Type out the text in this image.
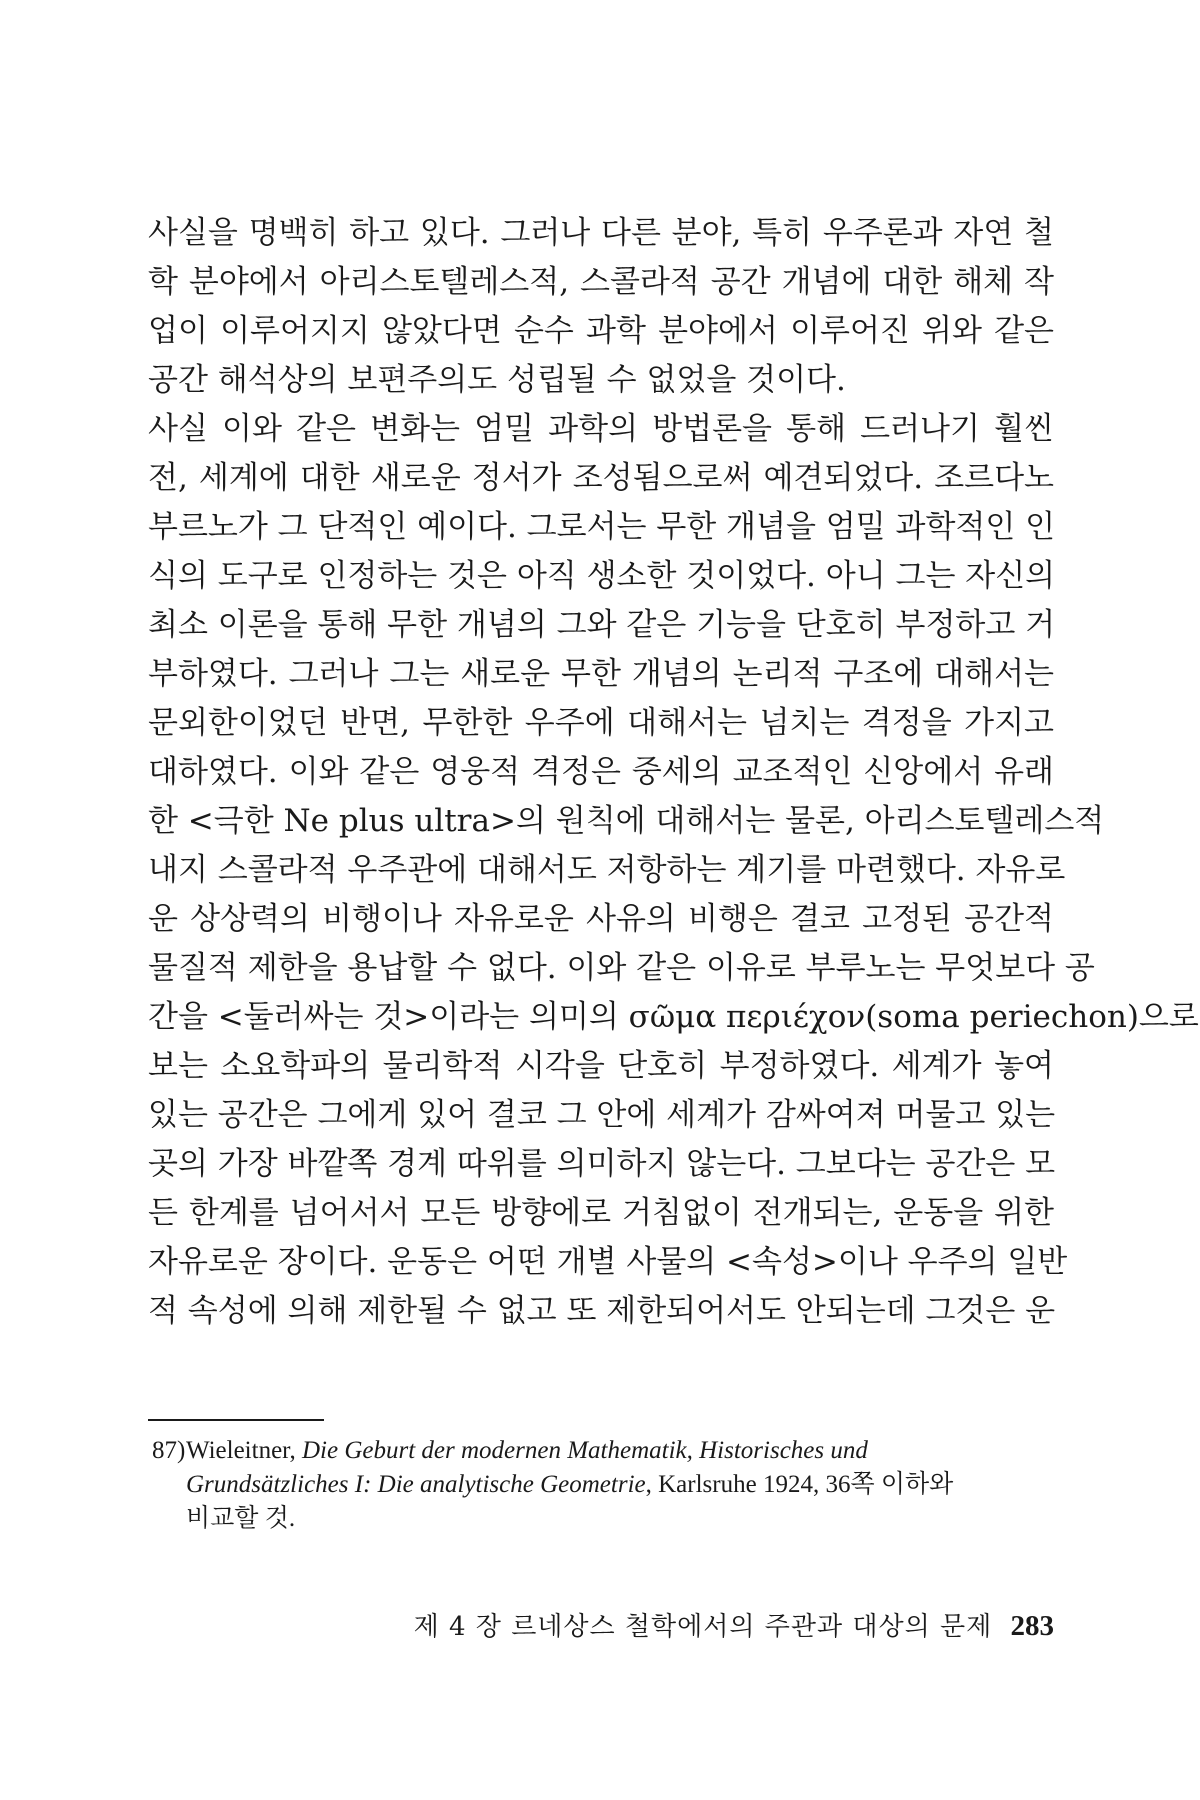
사실을 명백히 하고 있다. 그러나 다른 분야, 특히 우주론과 자연 철
학 분야에서 아리스토텔레스적, 스콜라적 공간 개념에 대한 해체 작
업이 이루어지지 않았다면 순수 과학 분야에서 이루어진 위와 같은
공간 해석상의 보편주의도 성립될 수 없었을 것이다.
사실 이와 같은 변화는 엄밀 과학의 방법론을 통해 드러나기 훨씬
전, 세계에 대한 새로운 정서가 조성됨으로써 예견되었다. 조르다노
부르노가 그 단적인 예이다. 그로서는 무한 개념을 엄밀 과학적인 인
식의 도구로 인정하는 것은 아직 생소한 것이었다. 아니 그는 자신의
최소 이론을 통해 무한 개념의 그와 같은 기능을 단호히 부정하고 거
부하였다. 그러나 그는 새로운 무한 개념의 논리적 구조에 대해서는
문외한이었던 반면, 무한한 우주에 대해서는 넘치는 격정을 가지고
대하였다. 이와 같은 영웅적 격정은 중세의 교조적인 신앙에서 유래
한 <극한 Ne plus ultra>의 원칙에 대해서는 물론, 아리스토텔레스적
내지 스콜라적 우주관에 대해서도 저항하는 계기를 마련했다. 자유로
운 상상력의 비행이나 자유로운 사유의 비행은 결코 고정된 공간적
물질적 제한을 용납할 수 없다. 이와 같은 이유로 부루노는 무엇보다 공
간을 <둘러싸는 것>이라는 의미의 σῶμα περιέχον(soma periechon)으로
보는 소요학파의 물리학적 시각을 단호히 부정하였다. 세계가 놓여
있는 공간은 그에게 있어 결코 그 안에 세계가 감싸여져 머물고 있는
곳의 가장 바깥쪽 경계 따위를 의미하지 않는다. 그보다는 공간은 모
든 한계를 넘어서서 모든 방향에로 거침없이 전개되는, 운동을 위한
자유로운 장이다. 운동은 어떤 개별 사물의 <속성>이나 우주의 일반
적 속성에 의해 제한될 수 없고 또 제한되어서도 안되는데 그것은 운
87) Wieleitner, Die Geburt der modernen Mathematik, Historisches und
Grundsätzliches I: Die analytische Geometrie, Karlsruhe 1924, 36쪽 이하와
비교할 것.
제 4 장 르네상스 철학에서의 주관과 대상의 문제 283
